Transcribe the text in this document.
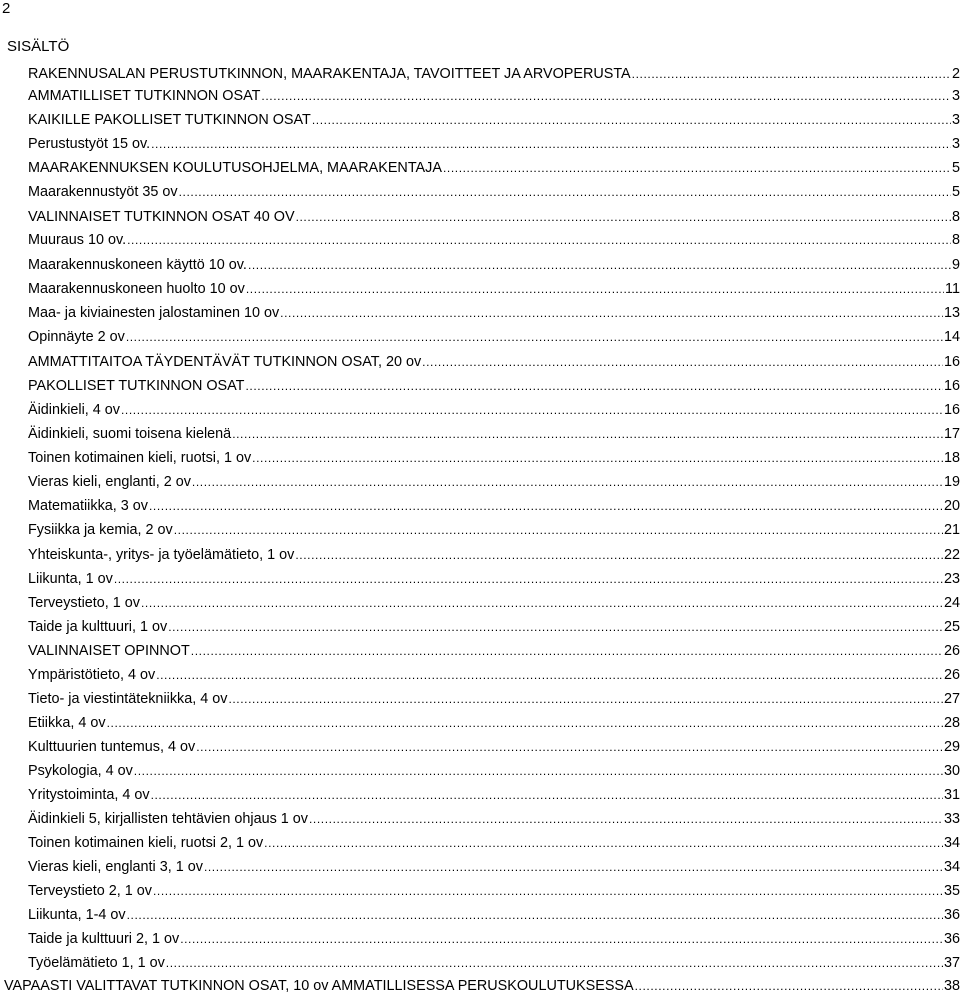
2
SISÄLTÖ
RAKENNUSALAN PERUSTUTKINNON, MAARAKENTAJA, TAVOITTEET JA ARVOPERUSTA .....	2
AMMATILLISET TUTKINNON OSAT .....	3
KAIKILLE PAKOLLISET TUTKINNON OSAT .....	3
Perustustyöt 15 ov. .....	3
MAARAKENNUKSEN KOULUTUSOHJELMA, MAARAKENTAJA .....	5
Maarakennustyöt 35 ov .....	5
VALINNAISET TUTKINNON OSAT 40 OV .....	8
Muuraus 10 ov. .....	8
Maarakennuskoneen käyttö 10 ov. .....	9
Maarakennuskoneen huolto 10 ov .....	11
Maa- ja kiviainesten jalostaminen 10 ov .....	13
Opinnäyte 2 ov .....	14
AMMATTITAITOA TÄYDENTÄVÄT TUTKINNON OSAT, 20 ov .....	16
PAKOLLISET TUTKINNON OSAT .....	16
Äidinkieli, 4 ov .....	16
Äidinkieli, suomi toisena kielenä .....	17
Toinen kotimainen kieli, ruotsi, 1 ov .....	18
Vieras kieli, englanti, 2 ov .....	19
Matematiikka, 3 ov .....	20
Fysiikka ja kemia, 2 ov .....	21
Yhteiskunta-, yritys- ja työelämätieto, 1 ov .....	22
Liikunta, 1 ov .....	23
Terveystieto, 1 ov .....	24
Taide ja kulttuuri, 1 ov .....	25
VALINNAISET OPINNOT .....	26
Ympäristötieto, 4 ov .....	26
Tieto- ja viestintätekniikka, 4 ov .....	27
Etiikka, 4 ov .....	28
Kulttuurien tuntemus, 4 ov .....	29
Psykologia, 4 ov .....	30
Yritystoiminta, 4 ov .....	31
Äidinkieli 5, kirjallisten tehtävien ohjaus 1 ov .....	33
Toinen kotimainen kieli, ruotsi 2, 1 ov .....	34
Vieras kieli, englanti 3, 1 ov .....	34
Terveystieto 2, 1 ov .....	35
Liikunta, 1-4 ov .....	36
Taide ja kulttuuri 2, 1 ov .....	36
Työelämätieto 1, 1 ov .....	37
VAPAASTI VALITTAVAT TUTKINNON OSAT, 10 ov AMMATILLISESSA PERUSKOULUTUKSESSA .....	38
